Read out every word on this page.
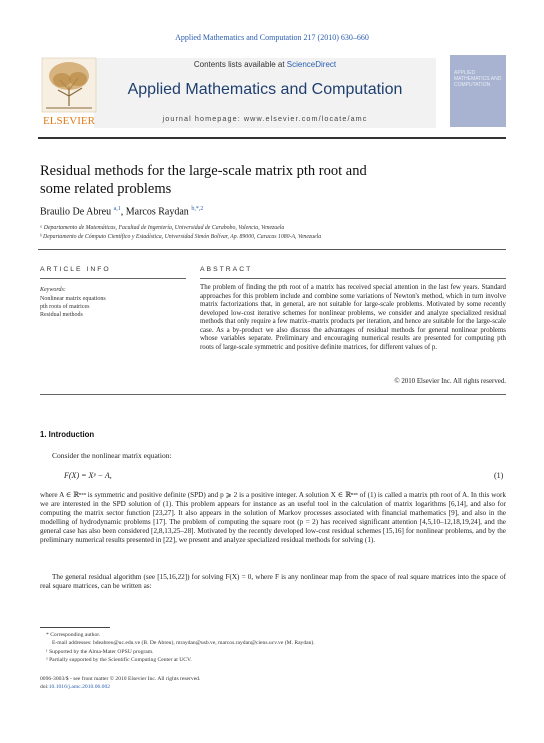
Applied Mathematics and Computation 217 (2010) 630–660
Contents lists available at ScienceDirect
Applied Mathematics and Computation
journal homepage: www.elsevier.com/locate/amc
ELSEVIER
APPLIED MATHEMATICS AND COMPUTATION
Residual methods for the large-scale matrix pth root and
some related problems
Braulio De Abreu $^{a,1}$, Marcos Raydan $^{b,*,2}$
ᵃ Departamento de Matemáticas, Facultad de Ingeniería, Universidad de Carabobo, Valencia, Venezuela
ᵇ Departamento de Cómputo Científico y Estadística, Universidad Simón Bolívar, Ap. 89000, Caracas 1080-A, Venezuela
ARTICLE INFO
Keywords:
Nonlinear matrix equations
pth roots of matrices
Residual methods
ABSTRACT
The problem of finding the pth root of a matrix has received special attention in the last few years. Standard approaches for this problem include and combine some variations of Newton's method, which in turn involve matrix factorizations that, in general, are not suitable for large-scale problems. Motivated by some recently developed low-cost iterative schemes for nonlinear problems, we consider and analyze specialized residual methods that only require a few matrix–matrix products per iteration, and hence are suitable for the large-scale case. As a by-product we also discuss the advantages of residual methods for general nonlinear problems whose variables separate. Preliminary and encouraging numerical results are presented for computing pth roots of large-scale symmetric and positive definite matrices, for different values of p.
© 2010 Elsevier Inc. All rights reserved.
1. Introduction
Consider the nonlinear matrix equation:
F(X) = Xᵖ − A,	(1)
where A ∈ ℝⁿˣⁿ is symmetric and positive definite (SPD) and p ⩾ 2 is a positive integer. A solution X ∈ ℝⁿˣⁿ of (1) is called a matrix pth root of A. In this work we are interested in the SPD solution of (1). This problem appears for instance as an useful tool in the calculation of matrix logarithms [6,14], and also for computing the matrix sector function [23,27]. It also appears in the solution of Markov processes associated with financial mathematics [9], and also in the modelling of hydrodynamic problems [17]. The problem of computing the square root (p = 2) has received significant attention [4,5,10–12,18,19,24], and the general case has also been considered [2,8,13,25–28]. Motivated by the recently developed low-cost residual schemes [15,16] for nonlinear problems, and by the preliminary numerical results presented in [22], we present and analyze specialized residual methods for solving (1).
The general residual algorithm (see [15,16,22]) for solving F(X) = 0, where F is any nonlinear map from the space of real square matrices into the space of real square matrices, can be written as:
* Corresponding author.
E-mail addresses: bdeabreu@uc.edu.ve (B. De Abreu), mraydan@usb.ve, marcos.raydan@ciens.ucv.ve (M. Raydan).
¹ Supported by the Alma-Mater OPSU program.
² Partially supported by the Scientific Computing Center at UCV.
0096-3003/$ - see front matter © 2010 Elsevier Inc. All rights reserved.
doi:10.1016/j.amc.2010.06.002
